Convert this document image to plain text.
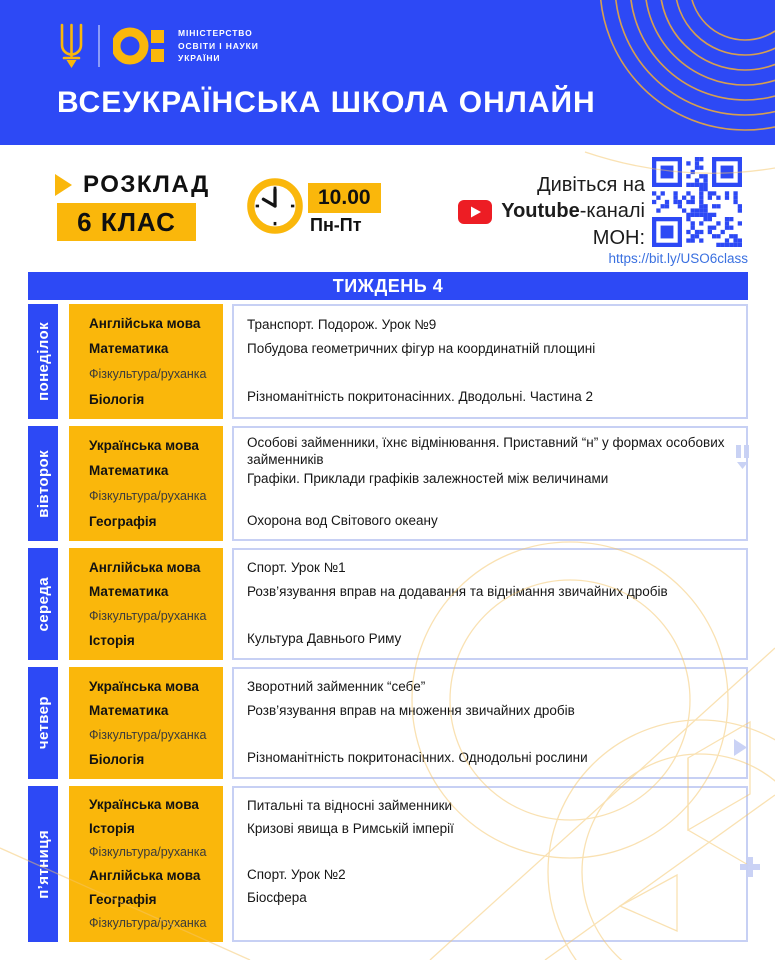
МІНІСТЕРСТВО
ОСВІТИ І НАУКИ
УКРАЇНИ
ВСЕУКРАЇНСЬКА ШКОЛА ОНЛАЙН
РОЗКЛАД
6 КЛАС
10.00
Пн-Пт
Дивіться на
Youtube-каналі
МОН:
https://bit.ly/USO6class
ТИЖДЕНЬ 4
понеділок	Англійська мова
Математика
Фізкультура/руханка
Біологія
Транспорт. Подорож. Урок №9
Побудова геометричних фігур на координатній площині
Різноманітність покритонасінних. Дводольні. Частина 2
вівторок
Українська мова
Математика
Фізкультура/руханка
Географія
Особові займенники, їхнє відмінювання. Приставний “н” у формах особових займенників
Графіки. Приклади графіків залежностей між величинами
Охорона вод Світового океану
середа
Англійська мова
Математика
Фізкультура/руханка
Історія
Спорт. Урок №1
Розв’язування вправ на додавання та віднімання звичайних дробів
Культура Давнього Риму
четвер
Українська мова
Математика
Фізкультура/руханка
Біологія
Зворотний займенник “себе”
Розв’язування вправ на множення звичайних дробів
Різноманітність покритонасінних. Однодольні рослини
п’ятниця
Українська мова
Історія
Фізкультура/руханка
Англійська мова
Географія
Фізкультура/руханка
Питальні та відносні займенники
Кризові явища в Римській імперії
Спорт. Урок №2
Біосфера
